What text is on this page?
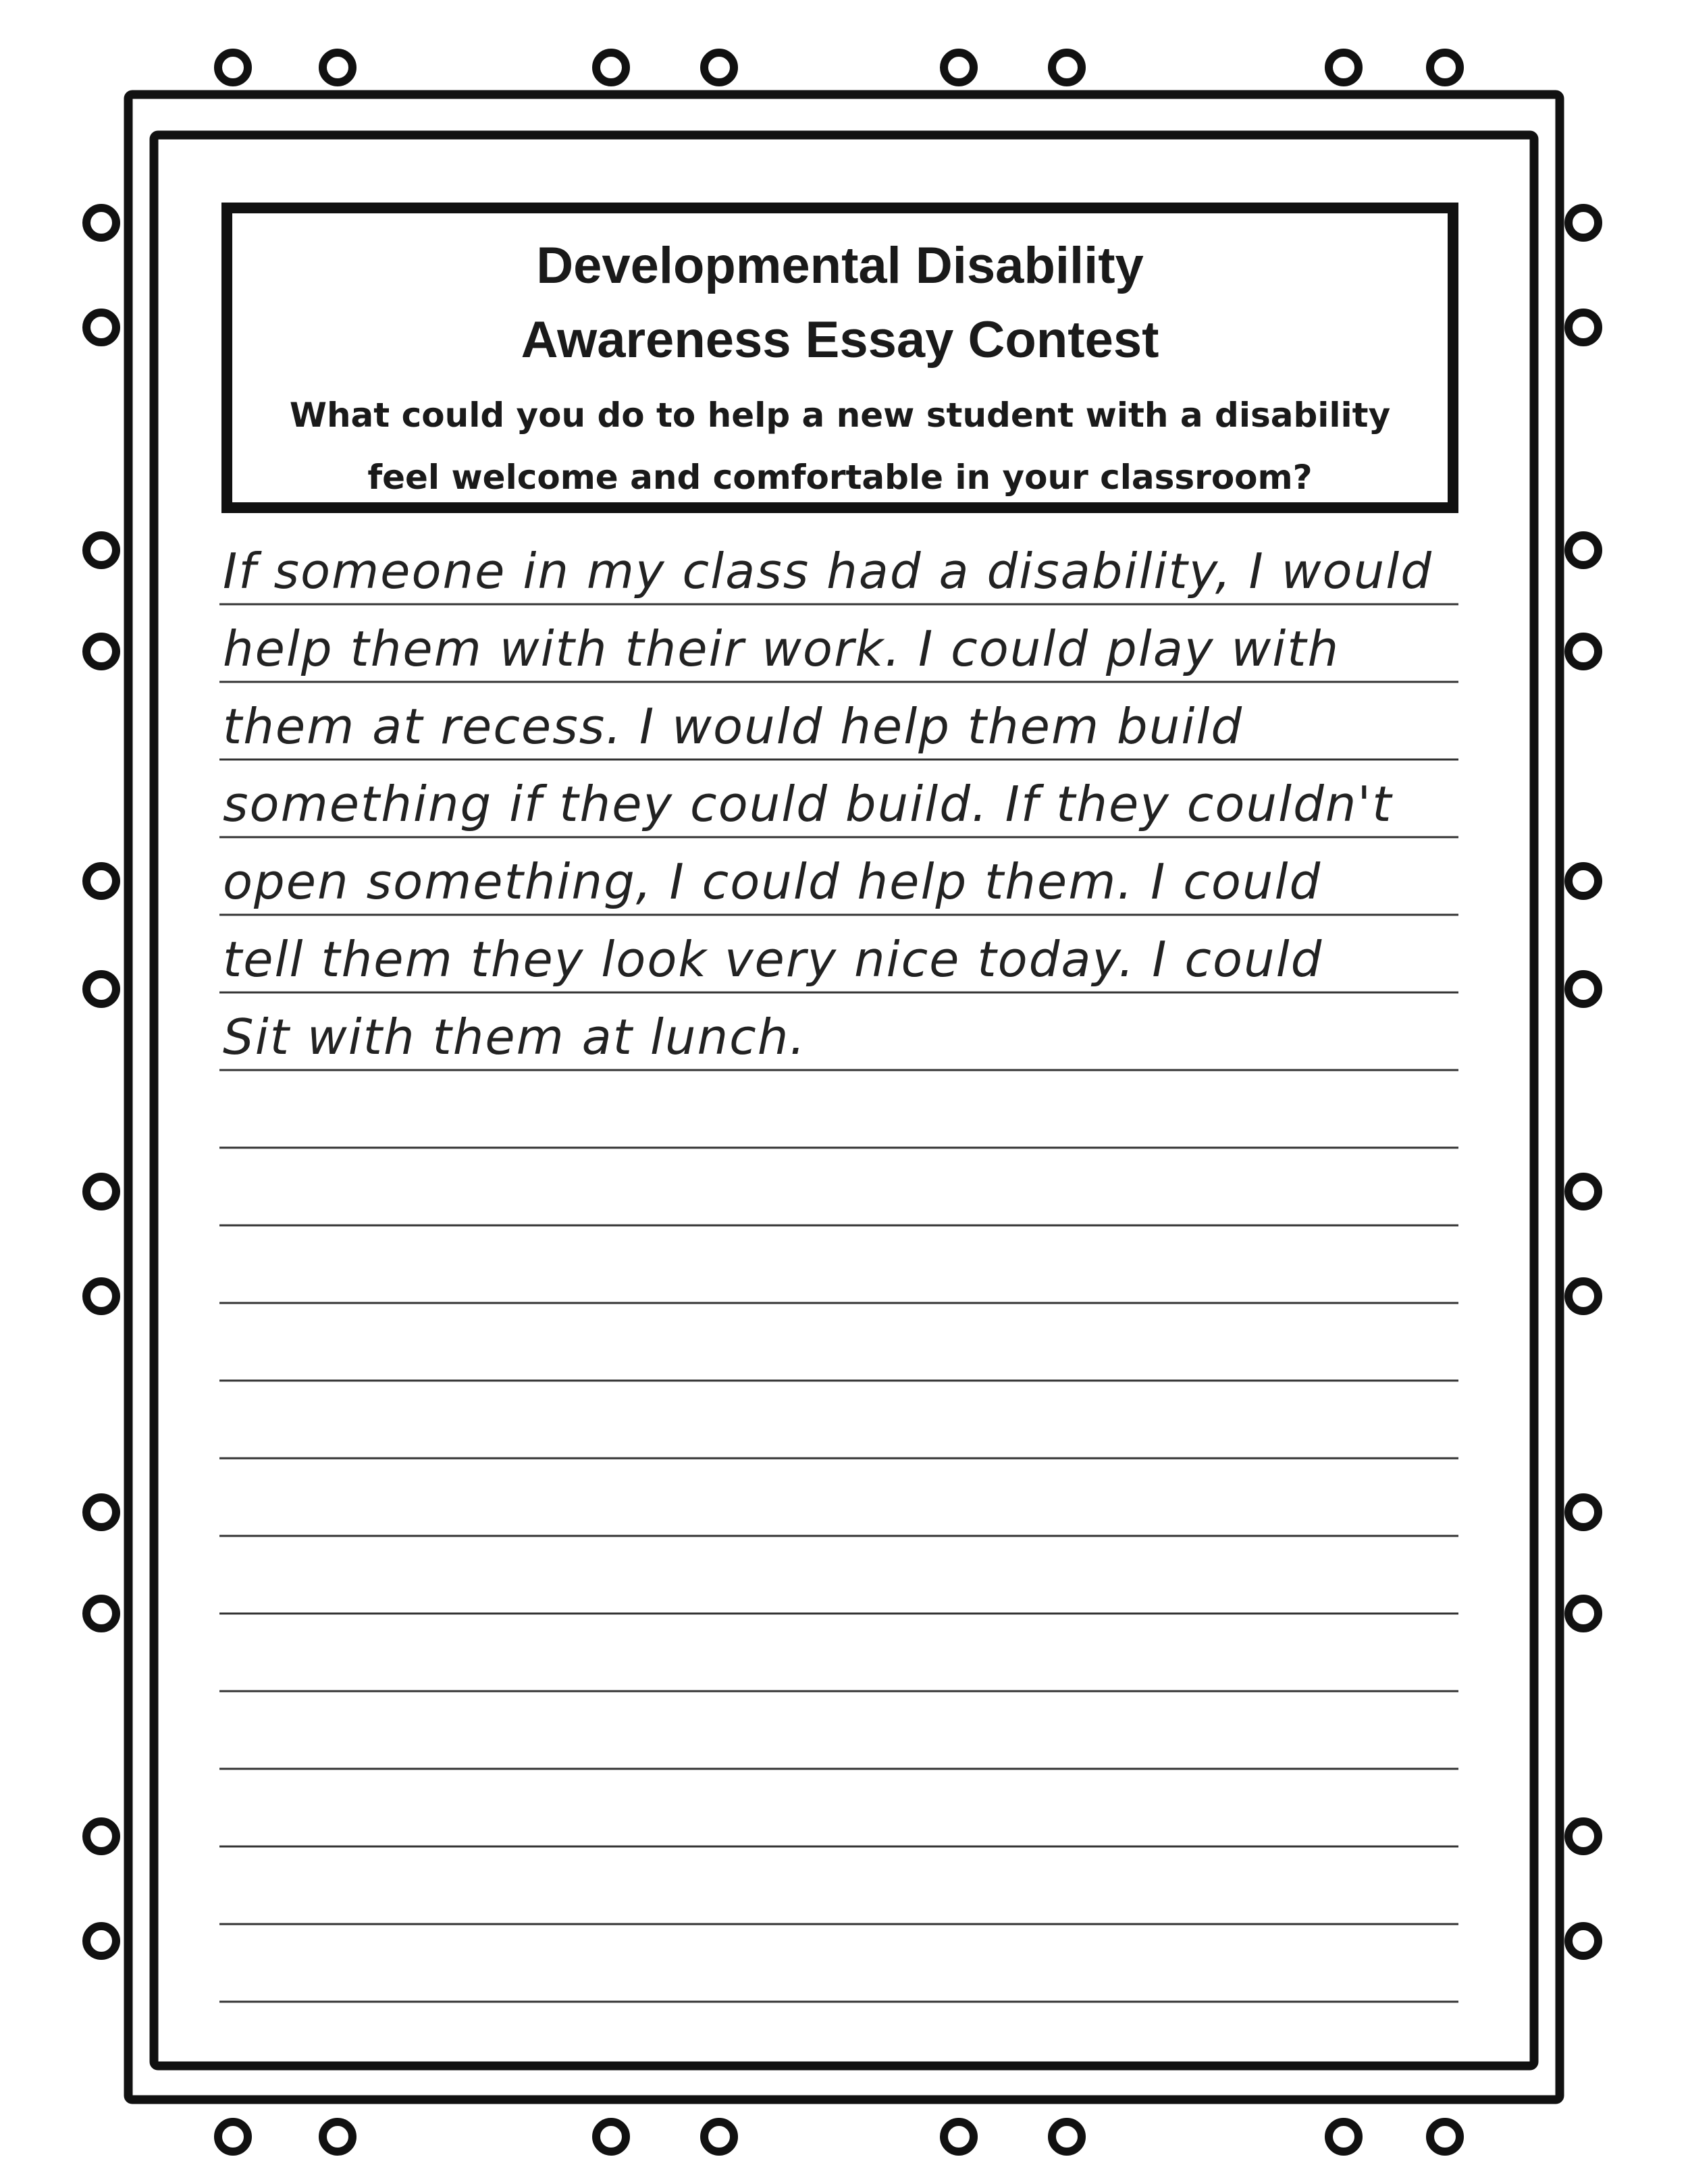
Developmental Disability
Awareness Essay Contest
What could you do to help a new student with a disability
feel welcome and comfortable in your classroom?
If someone in my class had a disability, I would
help them with their work. I could play with
them at recess. I would help them build
something if they could build. If they couldn't
open something, I could help them. I could
tell them they look very nice today. I could
Sit with them at lunch.
